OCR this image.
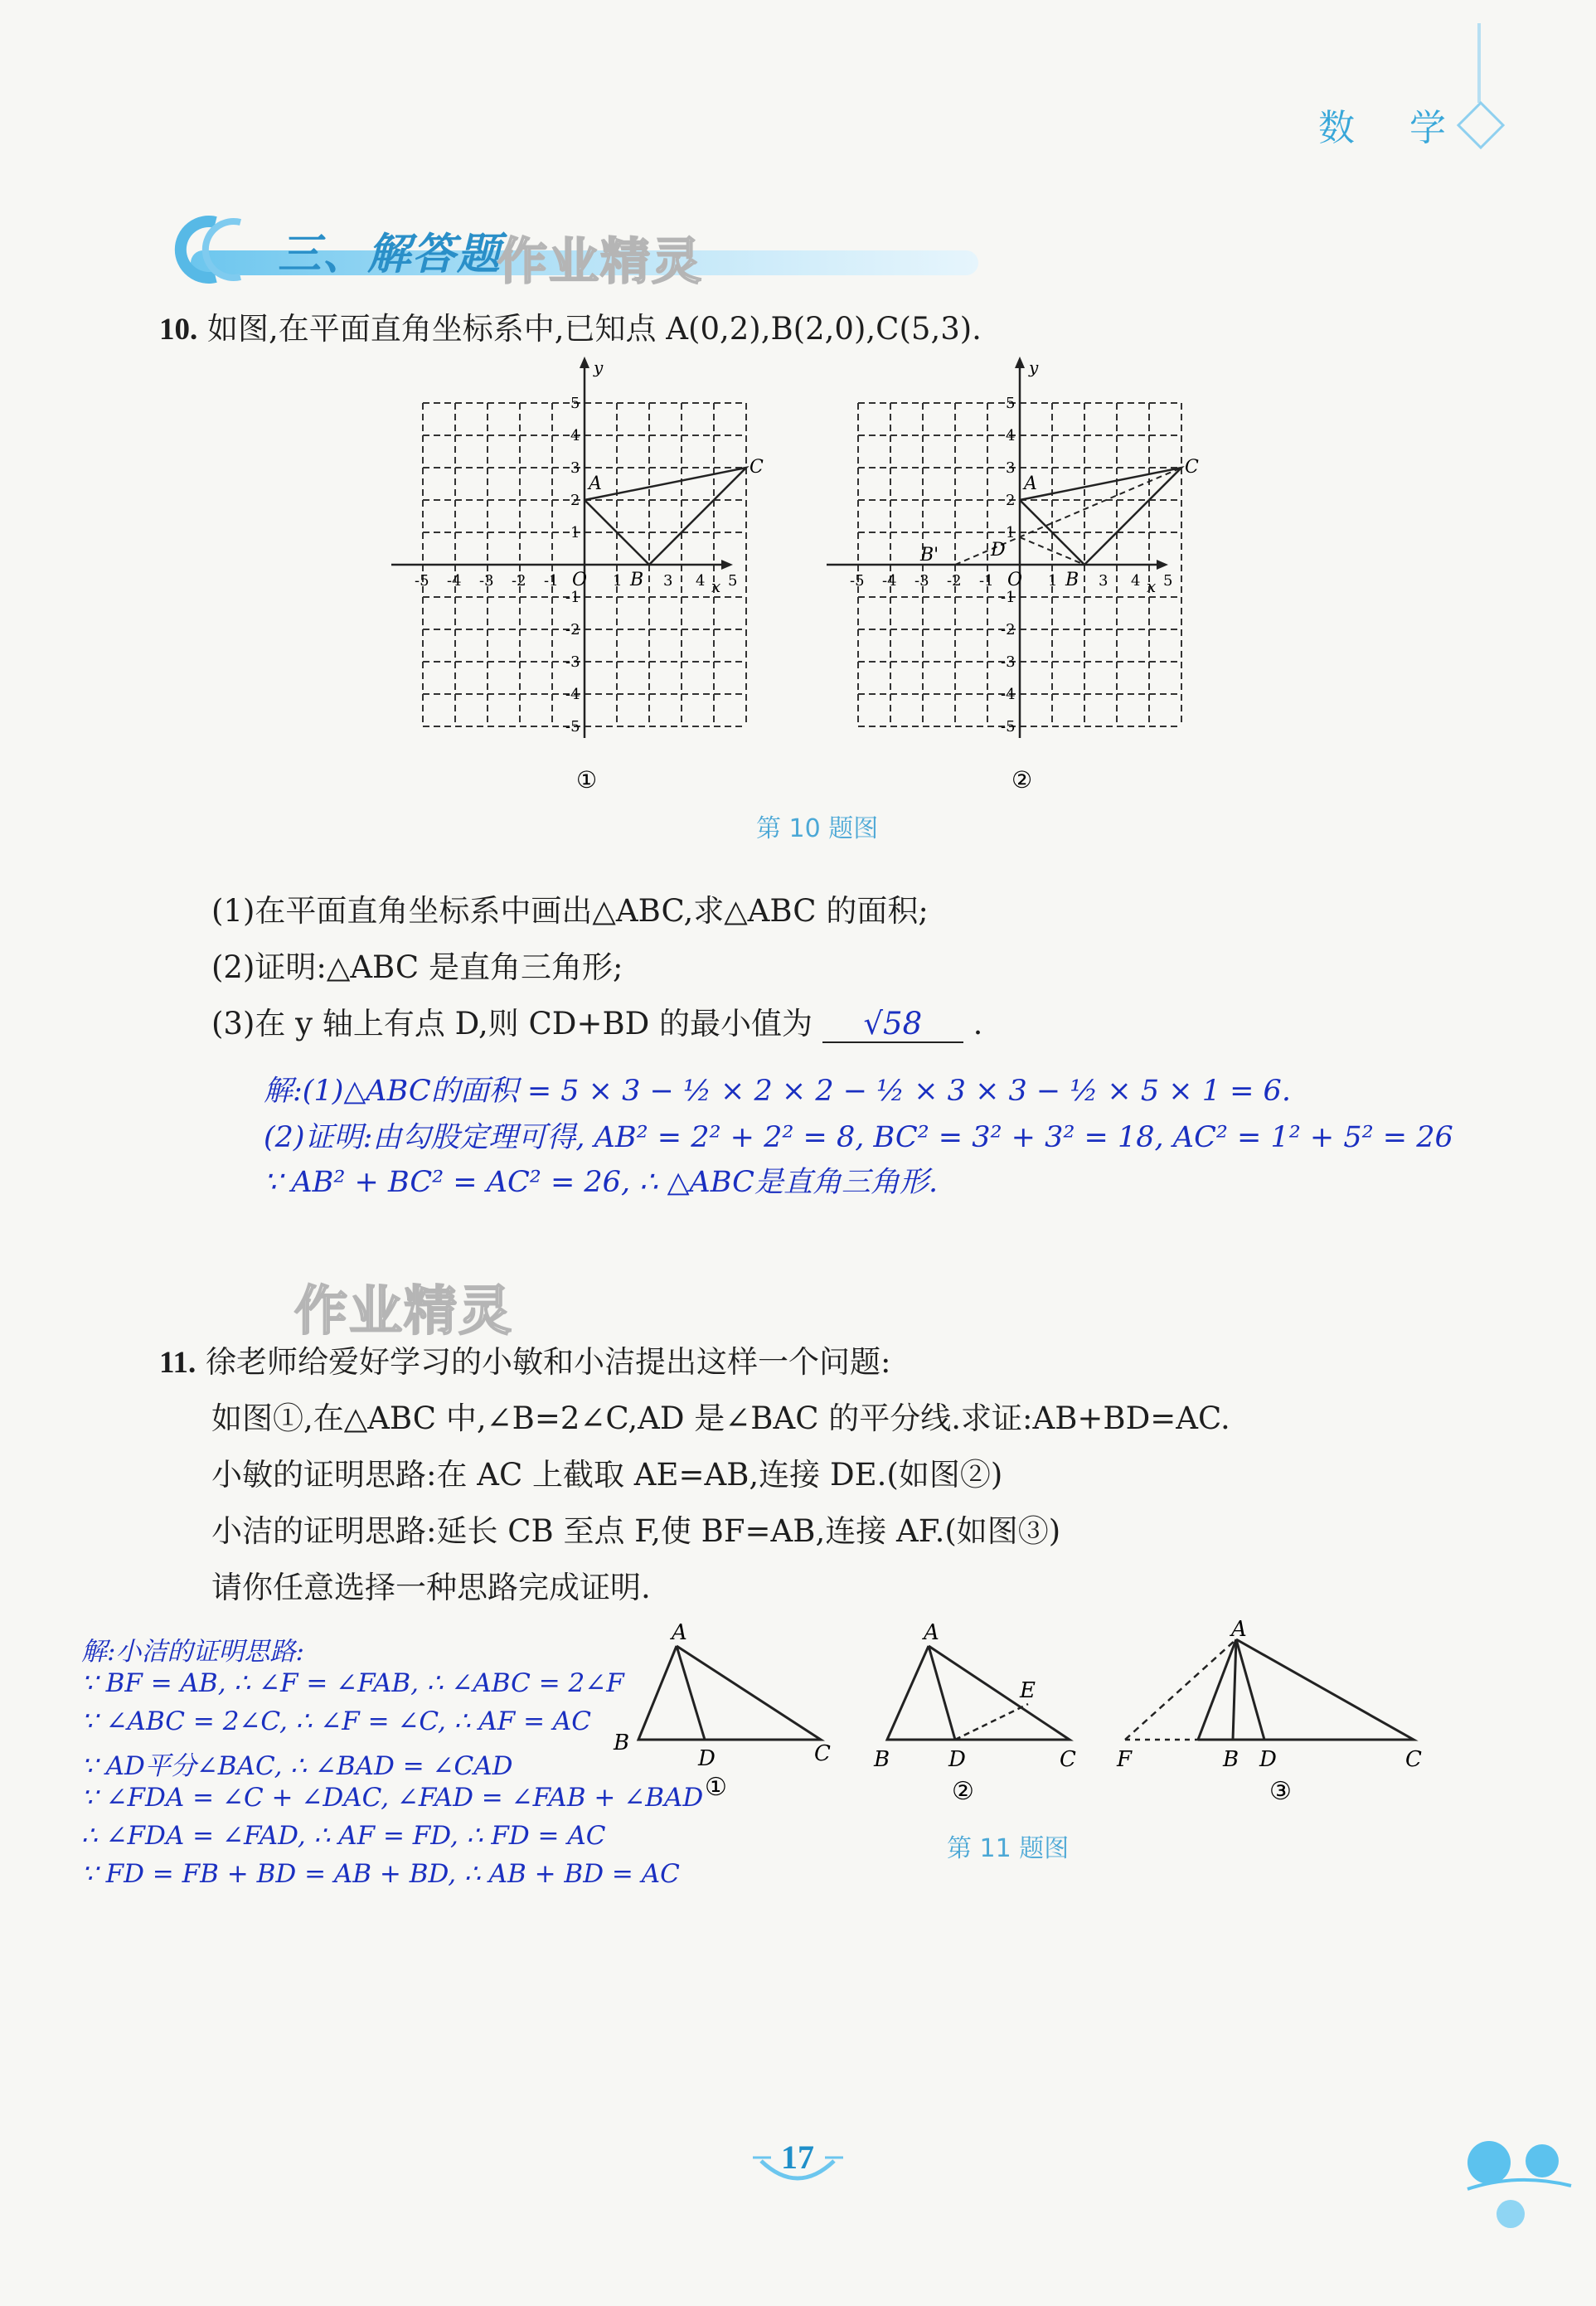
数 学
三、解答题
作业精灵
10. 如图,在平面直角坐标系中,已知点 A(0,2),B(2,0),C(5,3).
x
y
O
A
B
C
-5 -4 -3 -2 -1	1	3 4 5
5
4
3
2
1
-1
-2
-3
-4
-5
①
x
y
O
A
B
C
B'	D
-5 -4 -3 -2 -1	1	3 4 5
5
4
3
2
1
-1
-2
-3
-4
-5
②
第 10 题图
(1)在平面直角坐标系中画出△ABC,求△ABC 的面积;
(2)证明:△ABC 是直角三角形;
(3)在 y 轴上有点 D,则 CD+BD 的最小值为 √58 .
解:(1)△ABC的面积 = 5 × 3 − ½ × 2 × 2 − ½ × 3 × 3 − ½ × 5 × 1 = 6.
(2)证明:由勾股定理可得, AB² = 2² + 2² = 8, BC² = 3² + 3² = 18, AC² = 1² + 5² = 26
∵ AB² + BC² = AC² = 26, ∴ △ABC是直角三角形.
作业精灵
11. 徐老师给爱好学习的小敏和小洁提出这样一个问题:
如图①,在△ABC 中,∠B=2∠C,AD 是∠BAC 的平分线.求证:AB+BD=AC.
小敏的证明思路:在 AC 上截取 AE=AB,连接 DE.(如图②)
小洁的证明思路:延长 CB 至点 F,使 BF=AB,连接 AF.(如图③)
请你任意选择一种思路完成证明.
解:小洁的证明思路:
∵ BF = AB, ∴ ∠F = ∠FAB, ∴ ∠ABC = 2∠F
∵ ∠ABC = 2∠C, ∴ ∠F = ∠C, ∴ AF = AC
∵ AD平分∠BAC, ∴ ∠BAD = ∠CAD
∵ ∠FDA = ∠C + ∠DAC, ∠FAD = ∠FAB + ∠BAD
∴ ∠FDA = ∠FAD, ∴ AF = FD, ∴ FD = AC
∵ FD = FB + BD = AB + BD, ∴ AB + BD = AC
A
B
D	C
①
A
B	D	C
E
②
A
F	B D	C
③
第 11 题图
17
